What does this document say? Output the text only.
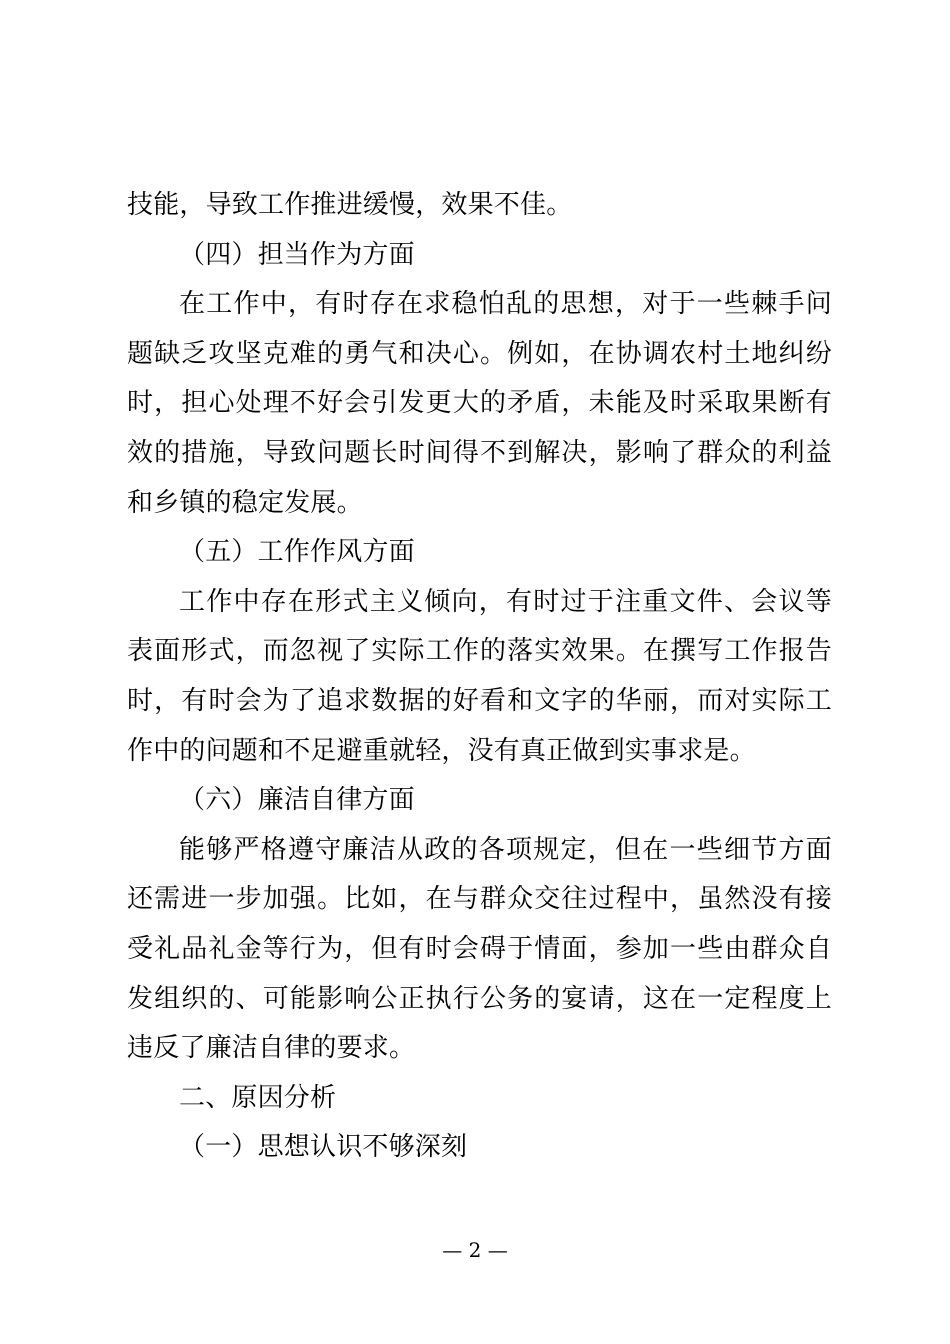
技能，导致工作推进缓慢，效果不佳。

（四）担当作为方面

在工作中，有时存在求稳怕乱的思想，对于一些棘手问题缺乏攻坚克难的勇气和决心。例如，在协调农村土地纠纷时，担心处理不好会引发更大的矛盾，未能及时采取果断有效的措施，导致问题长时间得不到解决，影响了群众的利益和乡镇的稳定发展。

（五）工作作风方面

工作中存在形式主义倾向，有时过于注重文件、会议等表面形式，而忽视了实际工作的落实效果。在撰写工作报告时，有时会为了追求数据的好看和文字的华丽，而对实际工作中的问题和不足避重就轻，没有真正做到实事求是。

（六）廉洁自律方面

能够严格遵守廉洁从政的各项规定，但在一些细节方面还需进一步加强。比如，在与群众交往过程中，虽然没有接受礼品礼金等行为，但有时会碍于情面，参加一些由群众自发组织的、可能影响公正执行公务的宴请，这在一定程度上违反了廉洁自律的要求。

二、原因分析

（一）思想认识不够深刻

— 2 —
